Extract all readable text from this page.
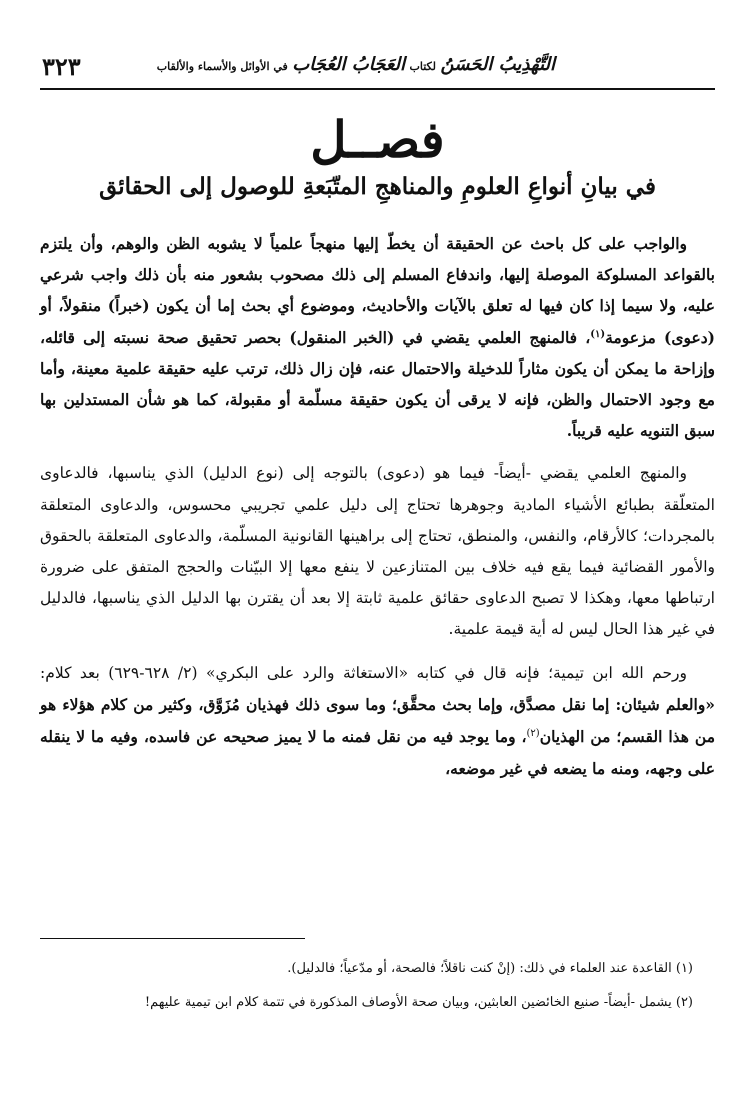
التَّهْذِيبُ الحَسَنُ لكتاب العَجَابُ العُجَاب في الأوائل والأسماء والألقاب
٣٢٣
فصــل
في بيانِ أنواعِ العلومِ والمناهجِ المتّبَعةِ للوصول إلى الحقائق

والواجب على كل باحث عن الحقيقة أن يخطّ إليها منهجاً علمياً لا يشوبه الظن والوهم، وأن يلتزم بالقواعد المسلوكة الموصلة إليها، واندفاع المسلم إلى ذلك مصحوب بشعور منه بأن ذلك واجب شرعي عليه، ولا سيما إذا كان فيها له تعلق بالآيات والأحاديث، وموضوع أي بحث إما أن يكون (خبراً) منقولاً، أو (دعوى) مزعومة$^{(١)}$، فالمنهج العلمي يقضي في (الخبر المنقول) بحصر تحقيق صحة نسبته إلى قائله، وإزاحة ما يمكن أن يكون مثاراً للدخيلة والاحتمال عنه، فإن زال ذلك، ترتب عليه حقيقة علمية معينة، وأما مع وجود الاحتمال والظن، فإنه لا يرقى أن يكون حقيقة مسلّمة أو مقبولة، كما هو شأن المستدلين بها سبق التنويه عليه قريباً.

والمنهج العلمي يقضي -أيضاً- فيما هو (دعوى) بالتوجه إلى (نوع الدليل) الذي يناسبها، فالدعاوى المتعلّقة بطبائع الأشياء المادية وجوهرها تحتاج إلى دليل علمي تجريبي محسوس، والدعاوى المتعلقة بالمجردات؛ كالأرقام، والنفس، والمنطق، تحتاج إلى براهينها القانونية المسلّمة، والدعاوى المتعلقة بالحقوق والأمور القضائية فيما يقع فيه خلاف بين المتنازعين لا ينفع معها إلا البيّنات والحجج المتفق على ضرورة ارتباطها معها، وهكذا لا تصبح الدعاوى حقائق علمية ثابتة إلا بعد أن يقترن بها الدليل الذي يناسبها، فالدليل في غير هذا الحال ليس له أية قيمة علمية.

ورحم الله ابن تيمية؛ فإنه قال في كتابه «الاستغاثة والرد على البكري» (٢/ ٦٢٨-٦٢٩) بعد كلام: «والعلم شيئان: إما نقل مصدَّق، وإما بحث محقَّق؛ وما سوى ذلك فهذيان مُزَوَّق، وكثير من كلام هؤلاء هو من هذا القسم؛ من الهذيان$^{(٢)}$، وما يوجد فيه من نقل فمنه ما لا يميز صحيحه عن فاسده، وفيه ما لا ينقله على وجهه، ومنه ما يضعه في غير موضعه،

(١) القاعدة عند العلماء في ذلك: (إنْ كنت ناقلاً؛ فالصحة، أو مدّعياً؛ فالدليل).

(٢) يشمل -أيضاً- صنيع الخائضين العابثين، وبيان صحة الأوصاف المذكورة في تتمة كلام ابن تيمية عليهم!
